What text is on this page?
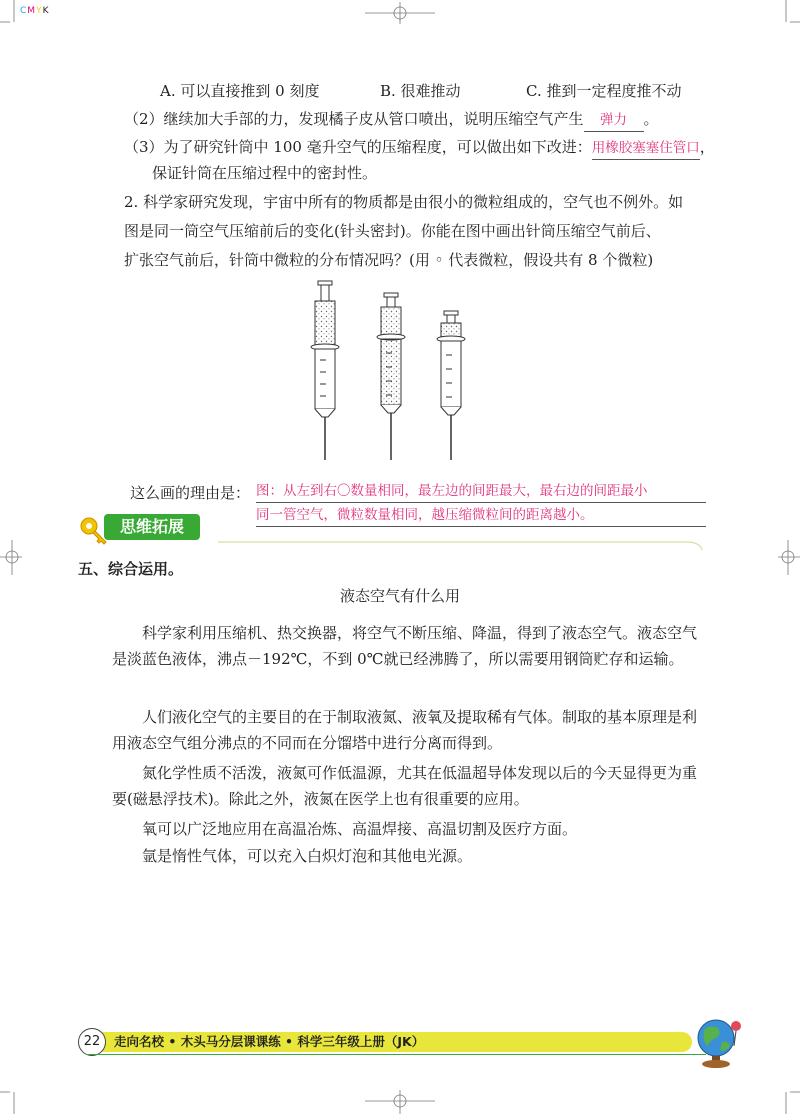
CMYK
A. 可以直接推到 0 刻度	B. 很难推动	C. 推到一定程度推不动
（2）继续加大手部的力，发现橘子皮从管口喷出，说明压缩空气产生 弹力 。
（3）为了研究针筒中 100 毫升空气的压缩程度，可以做出如下改进：用橡胶塞塞住管口，
保证针筒在压缩过程中的密封性。
2. 科学家研究发现，宇宙中所有的物质都是由很小的微粒组成的，空气也不例外。如
图是同一筒空气压缩前后的变化(针头密封)。你能在图中画出针筒压缩空气前后、
扩张空气前后，针筒中微粒的分布情况吗？(用 ◦ 代表微粒，假设共有 8 个微粒)
这么画的理由是： 图：从左到右〇数量相同，最左边的间距最大，最右边的间距最小
同一管空气，微粒数量相同，越压缩微粒间的距离越小。
思维拓展
五、综合运用。
液态空气有什么用
科学家利用压缩机、热交换器，将空气不断压缩、降温，得到了液态空气。液态空气是淡蓝色液体，沸点－192℃，不到 0℃就已经沸腾了，所以需要用钢筒贮存和运输。
人们液化空气的主要目的在于制取液氮、液氧及提取稀有气体。制取的基本原理是利用液态空气组分沸点的不同而在分馏塔中进行分离而得到。
氮化学性质不活泼，液氮可作低温源，尤其在低温超导体发现以后的今天显得更为重要(磁悬浮技术)。除此之外，液氮在医学上也有很重要的应用。
氧可以广泛地应用在高温冶炼、高温焊接、高温切割及医疗方面。
氩是惰性气体，可以充入白炽灯泡和其他电光源。
22	走向名校 • 木头马分层课课练 • 科学三年级上册（JK）
